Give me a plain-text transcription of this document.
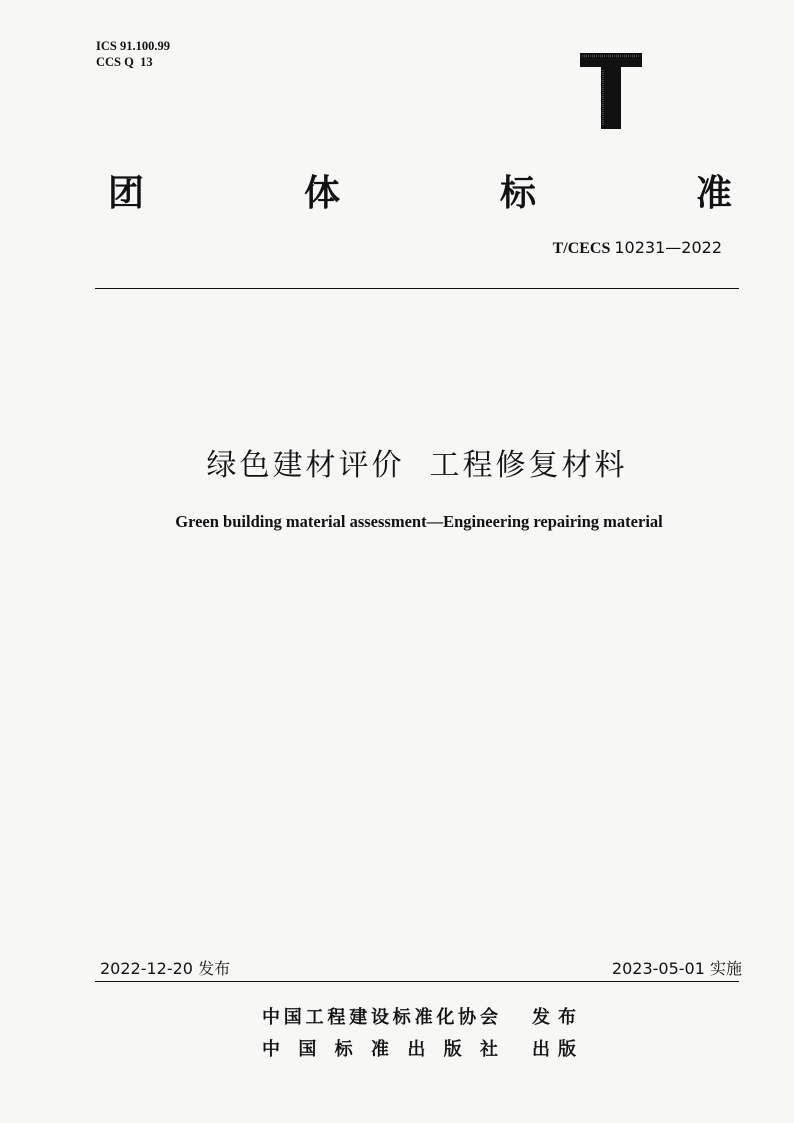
ICS 91.100.99
CCS Q  13
团	体	标	准
T/CECS 10231—2022
绿色建材评价  工程修复材料
Green building material assessment—Engineering repairing material
2022-12-20 发布	2023-05-01 实施
中 国 工 程 建 设 标 准 化 协 会 发 布
中 国 标 准 出 版 社 出 版
